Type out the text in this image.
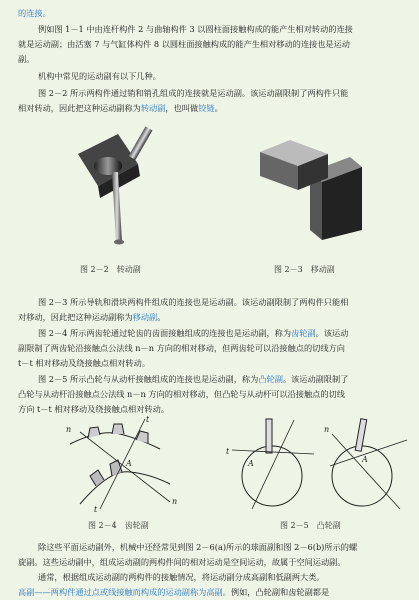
的连接。
例如图 1－1 中由连杆构件 2 与曲轴构件 3 以圆柱面接触构成的能产生相对转动的连接
就是运动副；由活塞 7 与气缸体构件 8 以圆柱面接触构成的能产生相对移动的连接也是运动
副。
机构中常见的运动副有以下几种。
图 2－2 所示两构件通过销和销孔组成的连接就是运动副。该运动副限制了两构件只能
相对转动，因此把这种运动副称为转动副，也叫做铰链。
图 2－2　转动副	图 2－3　移动副
图 2－3 所示导轨和滑块两构件组成的连接也是运动副。该运动副限制了两构件只能相
对移动，因此把这种运动副称为移动副。
图 2－4 所示两齿轮通过轮齿的齿面接触组成的连接也是运动副，称为齿轮副。该运动
副限制了两齿轮沿接触点公法线 n－n 方向的相对移动，但两齿轮可以沿接触点的切线方向
t－t 相对移动及绕接触点相对转动。
图 2－5 所示凸轮与从动杆接触组成的连接也是运动副，称为凸轮副。该运动副限制了
凸轮与从动杆沿接触点公法线 n－n 方向的相对移动，但凸轮与从动杆可以沿接触点的切线
方向 t－t 相对移动及绕接触点相对转动。
n
n
t
t
A
图 2－4　齿轮副
A	A
t
n
图 2－5　凸轮副
除这些平面运动副外，机械中还经常见到图 2－6(a)所示的球面副和图 2－6(b)所示的螺
旋副。这些运动副中，组成运动副的两构件间的相对运动是空间运动，故属于空间运动副。
通常，根据组成运动副的两构件的接触情况，将运动副分成高副和低副两大类。
高副——两构件通过点或线接触而构成的运动副称为高副。例如，凸轮副和齿轮副都是
